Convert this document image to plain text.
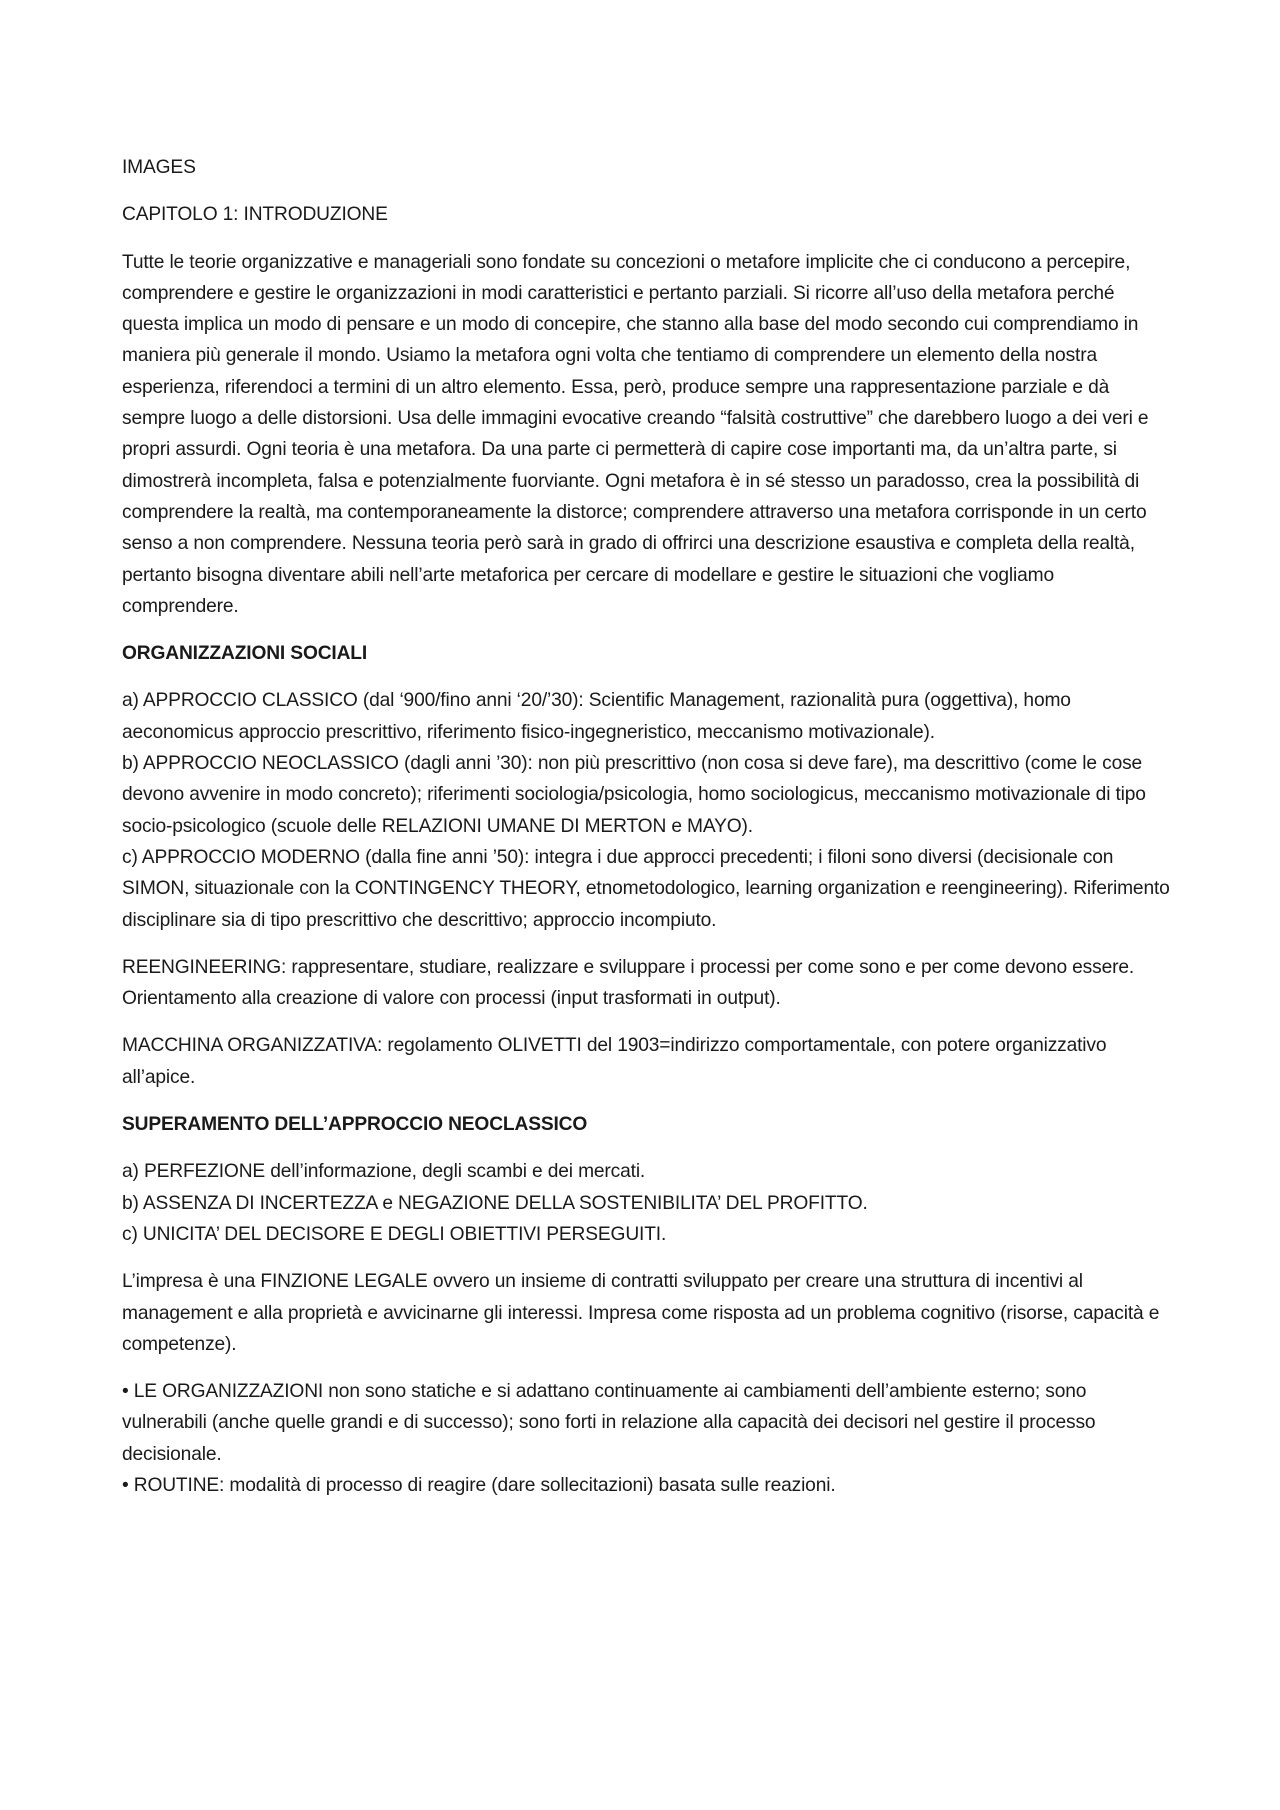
IMAGES

CAPITOLO 1: INTRODUZIONE

Tutte le teorie organizzative e manageriali sono fondate su concezioni o metafore implicite che ci conducono a percepire, comprendere e gestire le organizzazioni in modi caratteristici e pertanto parziali. Si ricorre all’uso della metafora perché questa implica un modo di pensare e un modo di concepire, che stanno alla base del modo secondo cui comprendiamo in maniera più generale il mondo. Usiamo la metafora ogni volta che tentiamo di comprendere un elemento della nostra esperienza, riferendoci a termini di un altro elemento. Essa, però, produce sempre una rappresentazione parziale e dà sempre luogo a delle distorsioni. Usa delle immagini evocative creando “falsità costruttive” che darebbero luogo a dei veri e propri assurdi. Ogni teoria è una metafora. Da una parte ci permetterà di capire cose importanti ma, da un’altra parte, si dimostrerà incompleta, falsa e potenzialmente fuorviante. Ogni metafora è in sé stesso un paradosso, crea la possibilità di comprendere la realtà, ma contemporaneamente la distorce; comprendere attraverso una metafora corrisponde in un certo senso a non comprendere. Nessuna teoria però sarà in grado di offrirci una descrizione esaustiva e completa della realtà, pertanto bisogna diventare abili nell’arte metaforica per cercare di modellare e gestire le situazioni che vogliamo comprendere.

ORGANIZZAZIONI SOCIALI

a) APPROCCIO CLASSICO (dal ‘900/fino anni ‘20/’30): Scientific Management, razionalità pura (oggettiva), homo aeconomicus approccio prescrittivo, riferimento fisico-ingegneristico, meccanismo motivazionale).

b) APPROCCIO NEOCLASSICO (dagli anni ’30): non più prescrittivo (non cosa si deve fare), ma descrittivo (come le cose devono avvenire in modo concreto); riferimenti sociologia/psicologia, homo sociologicus, meccanismo motivazionale di tipo socio-psicologico (scuole delle RELAZIONI UMANE DI MERTON e MAYO).

c) APPROCCIO MODERNO (dalla fine anni ’50): integra i due approcci precedenti; i filoni sono diversi (decisionale con SIMON, situazionale con la CONTINGENCY THEORY, etnometodologico, learning organization e reengineering). Riferimento disciplinare sia di tipo prescrittivo che descrittivo; approccio incompiuto.

REENGINEERING: rappresentare, studiare, realizzare e sviluppare i processi per come sono e per come devono essere. Orientamento alla creazione di valore con processi (input trasformati in output).

MACCHINA ORGANIZZATIVA: regolamento OLIVETTI del 1903=indirizzo comportamentale, con potere organizzativo all’apice.

SUPERAMENTO DELL’APPROCCIO NEOCLASSICO

a) PERFEZIONE dell’informazione, degli scambi e dei mercati.

b) ASSENZA DI INCERTEZZA e NEGAZIONE DELLA SOSTENIBILITA’ DEL PROFITTO.

c) UNICITA’ DEL DECISORE E DEGLI OBIETTIVI PERSEGUITI.

L’impresa è una FINZIONE LEGALE ovvero un insieme di contratti sviluppato per creare una struttura di incentivi al management e alla proprietà e avvicinarne gli interessi. Impresa come risposta ad un problema cognitivo (risorse, capacità e competenze).

• LE ORGANIZZAZIONI non sono statiche e si adattano continuamente ai cambiamenti dell’ambiente esterno; sono vulnerabili (anche quelle grandi e di successo); sono forti in relazione alla capacità dei decisori nel gestire il processo decisionale.

• ROUTINE: modalità di processo di reagire (dare sollecitazioni) basata sulle reazioni.
